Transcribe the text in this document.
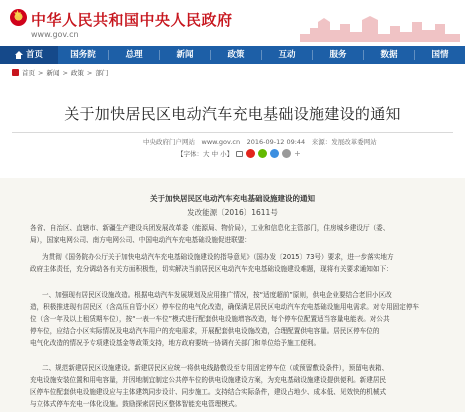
★
中华人民共和国中央人民政府
www.gov.cn
首页	国务院	总理	新闻	政策	互动	服务	数据	国情
首页 > 新闻 > 政策 > 部门
关于加快居民区电动汽车充电基础设施建设的通知
中央政府门户网站　www.gov.cn　2016-09-12 09:44　来源：发展改革委网站
【字体：大 中 小】	+
关于加快居民区电动汽车充电基础设施建设的通知
发改能源〔2016〕1611号
各省、自治区、直辖市、新疆生产建设兵团发展改革委（能源局、物价局），工业和信息化主管部门，住房城乡建设厅（委、
局），国家电网公司、南方电网公司、中国电动汽车充电基础设施促进联盟：
为贯彻《国务院办公厅关于加快电动汽车充电基础设施建设的指导意见》（国办发〔2015〕73号）要求，进一步落实地方
政府主体责任，充分调动各有关方面积极性，切实解决当前居民区电动汽车充电基础设施建设难题，现将有关要求通知如下：
一、加强现有居民区设施改造。根据电动汽车发展规划及应用推广情况，按“适度超前”原则，供电企业要结合老旧小区改
造，积极推进现有居民区（含高压自管小区）停车位的电气化改造，确保满足居民区电动汽车充电基础设施用电需求。对专用固定停车
位（含一年及以上租赁期车位），按“一表一车位”模式进行配套供电设施增容改造，每个停车位配置适当容量电能表。对公共
停车位，应结合小区实际情况及电动汽车用户的充电需求，开展配套供电设施改造，合理配置供电容量。居民区停车位的
电气化改造的情况予专项建设基金等政策支持，地方政府要统一协调有关部门和单位给予施工便利。
二、规范新建居民区设施建设。新建居民区应统一将供电线路敷设至专用固定停车位（或预留敷设条件），预留电表箱、
充电设施安装位置和用电容量，并因地制宜制定公共停车位的供电设施建设方案，为充电基础设施建设提供便利。新建居民
区停车位配套供电设施建设应与主体建筑同步设计、同步施工。支持结合实际条件，建设占地少、成本低、见效快的机械式
与立体式停车充电一体化设施。鼓励探索居民区整体智能充电管理模式。
